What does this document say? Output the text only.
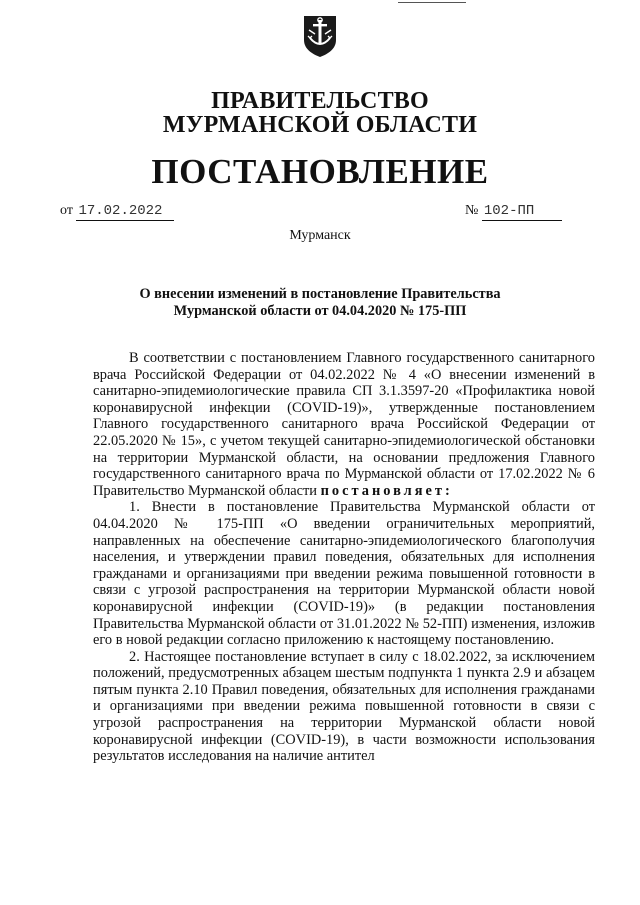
ПРАВИТЕЛЬСТВО
МУРМАНСКОЙ ОБЛАСТИ
ПОСТАНОВЛЕНИЕ
от 17.02.2022	№ 102-ПП
Мурманск
О внесении изменений в постановление Правительства
Мурманской области от 04.04.2020 № 175-ПП

В соответствии с постановлением Главного государственного санитарного врача Российской Федерации от 04.02.2022 № 4 «О внесении изменений в санитарно-эпидемиологические правила СП 3.1.3597-20 «Профилактика новой коронавирусной инфекции (COVID-19)», утвержденные постановлением Главного государственного санитарного врача Российской Федерации от 22.05.2020 № 15», с учетом текущей санитарно-эпидемиологической обстановки на территории Мурманской области, на основании предложения Главного государственного санитарного врача по Мурманской области от 17.02.2022 № 6 Правительство Мурманской области постановляет:

1. Внести в постановление Правительства Мурманской области от 04.04.2020 № 175-ПП «О введении ограничительных мероприятий, направленных на обеспечение санитарно-эпидемиологического благополучия населения, и утверждении правил поведения, обязательных для исполнения гражданами и организациями при введении режима повышенной готовности в связи с угрозой распространения на территории Мурманской области новой коронавирусной инфекции (COVID-19)» (в редакции постановления Правительства Мурманской области от 31.01.2022 № 52-ПП) изменения, изложив его в новой редакции согласно приложению к настоящему постановлению.

2. Настоящее постановление вступает в силу с 18.02.2022, за исключением положений, предусмотренных абзацем шестым подпункта 1 пункта 2.9 и абзацем пятым пункта 2.10 Правил поведения, обязательных для исполнения гражданами и организациями при введении режима повышенной готовности в связи с угрозой распространения на территории Мурманской области новой коронавирусной инфекции (COVID-19), в части возможности использования результатов исследования на наличие антител
